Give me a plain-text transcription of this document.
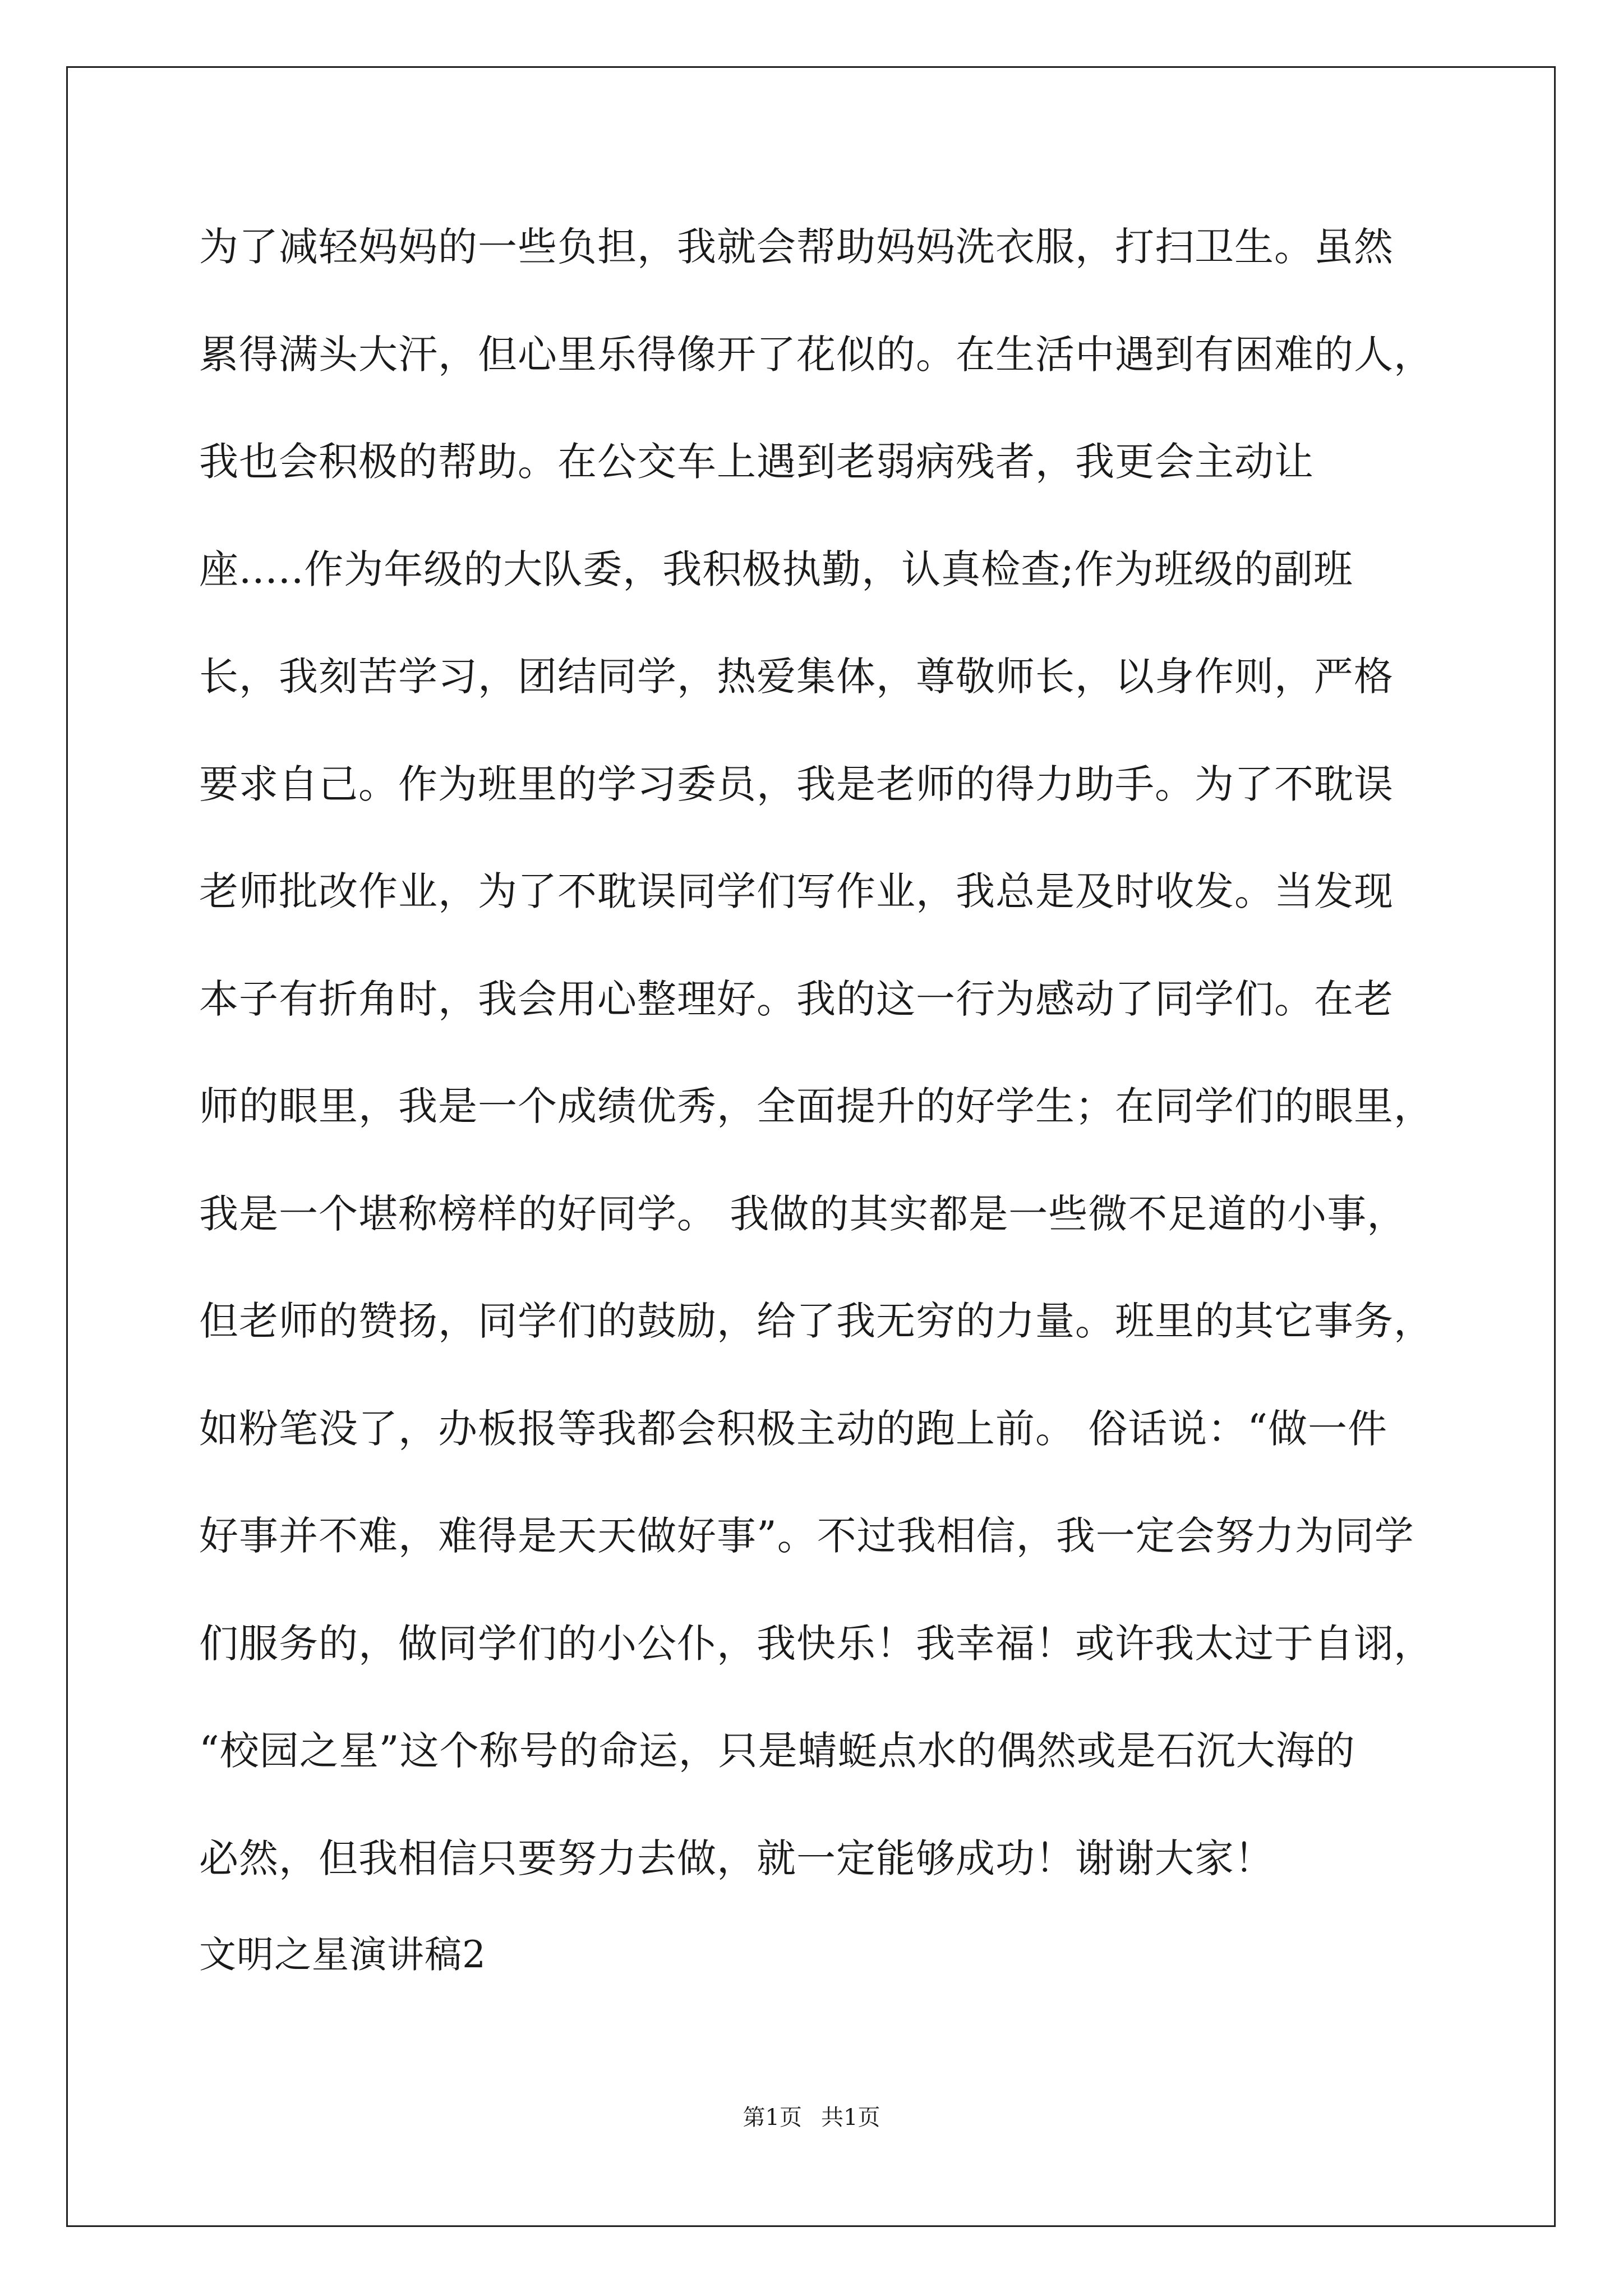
为了减轻妈妈的一些负担，我就会帮助妈妈洗衣服，打扫卫生。虽然
累得满头大汗，但心里乐得像开了花似的。在生活中遇到有困难的人，
我也会积极的帮助。在公交车上遇到老弱病残者，我更会主动让
座.....作为年级的大队委，我积极执勤，认真检查;作为班级的副班
长，我刻苦学习，团结同学，热爱集体，尊敬师长，以身作则，严格
要求自己。作为班里的学习委员，我是老师的得力助手。为了不耽误
老师批改作业，为了不耽误同学们写作业，我总是及时收发。当发现
本子有折角时，我会用心整理好。我的这一行为感动了同学们。在老
师的眼里，我是一个成绩优秀，全面提升的好学生；在同学们的眼里，
我是一个堪称榜样的好同学。 我做的其实都是一些微不足道的小事，
但老师的赞扬，同学们的鼓励，给了我无穷的力量。班里的其它事务，
如粉笔没了，办板报等我都会积极主动的跑上前。 俗话说：“做一件
好事并不难，难得是天天做好事”。不过我相信，我一定会努力为同学
们服务的，做同学们的小公仆，我快乐！我幸福！或许我太过于自诩，
“校园之星”这个称号的命运，只是蜻蜓点水的偶然或是石沉大海的
必然，但我相信只要努力去做，就一定能够成功！谢谢大家！
文明之星演讲稿2
第1页 共1页
